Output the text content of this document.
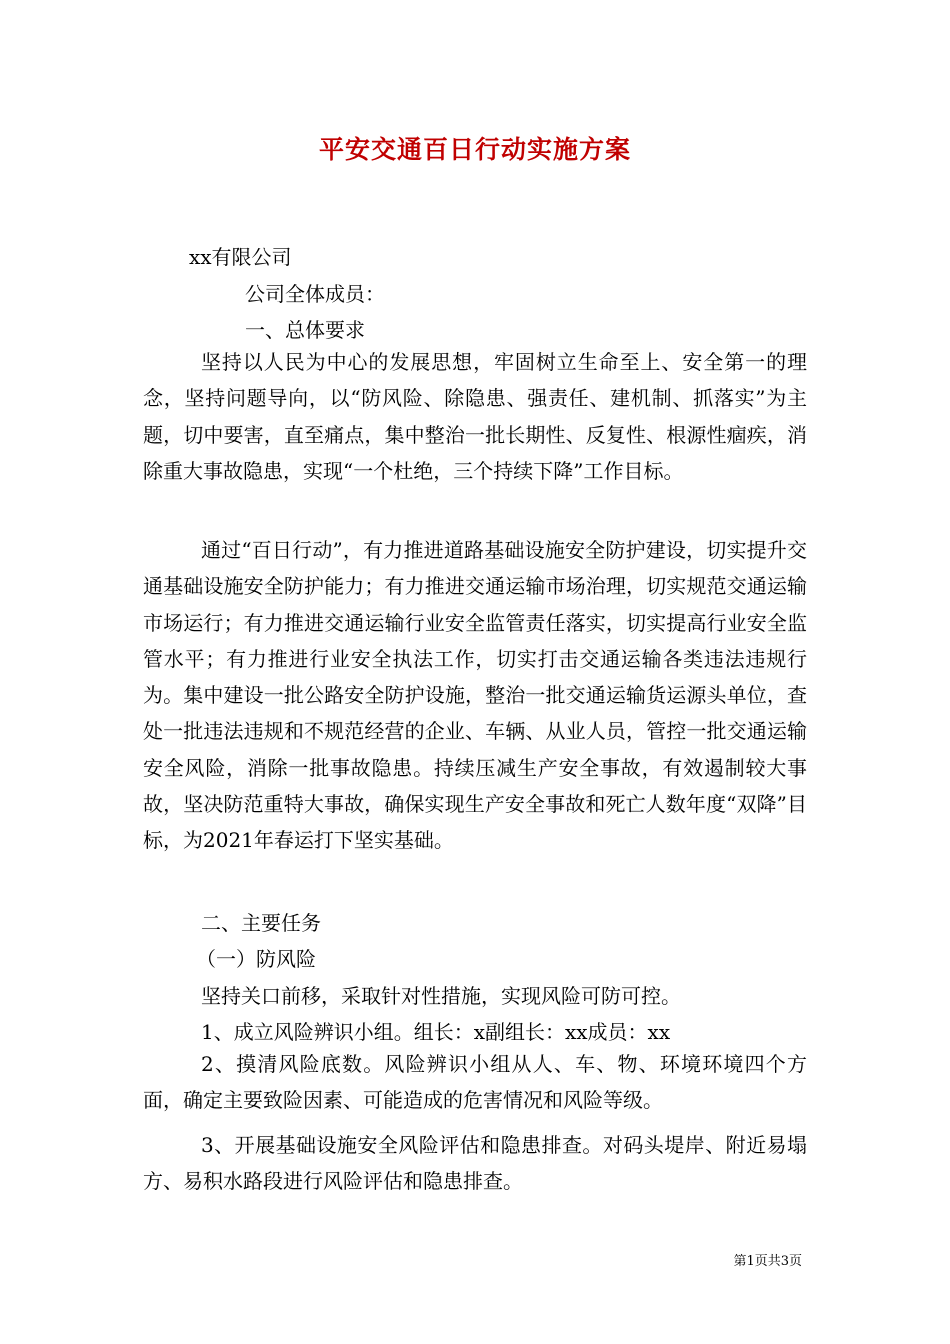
平安交通百日行动实施方案
xx有限公司
公司全体成员：
一、总体要求
坚持以人民为中心的发展思想，牢固树立生命至上、安全第一的理念，坚持问题导向，以“防风险、除隐患、强责任、建机制、抓落实”为主题，切中要害，直至痛点，集中整治一批长期性、反复性、根源性痼疾，消除重大事故隐患，实现“一个杜绝，三个持续下降”工作目标。
通过“百日行动”，有力推进道路基础设施安全防护建设，切实提升交通基础设施安全防护能力；有力推进交通运输市场治理，切实规范交通运输市场运行；有力推进交通运输行业安全监管责任落实，切实提高行业安全监管水平；有力推进行业安全执法工作，切实打击交通运输各类违法违规行为。集中建设一批公路安全防护设施，整治一批交通运输货运源头单位，查处一批违法违规和不规范经营的企业、车辆、从业人员，管控一批交通运输安全风险，消除一批事故隐患。持续压减生产安全事故，有效遏制较大事故，坚决防范重特大事故，确保实现生产安全事故和死亡人数年度“双降”目标，为2021年春运打下坚实基础。
二、主要任务
（一）防风险
坚持关口前移，采取针对性措施，实现风险可防可控。
1、成立风险辨识小组。组长：x副组长：xx成员：xx
2、摸清风险底数。风险辨识小组从人、车、物、环境环境四个方面，确定主要致险因素、可能造成的危害情况和风险等级。
3、开展基础设施安全风险评估和隐患排查。对码头堤岸、附近易塌方、易积水路段进行风险评估和隐患排查。
第1页共3页
